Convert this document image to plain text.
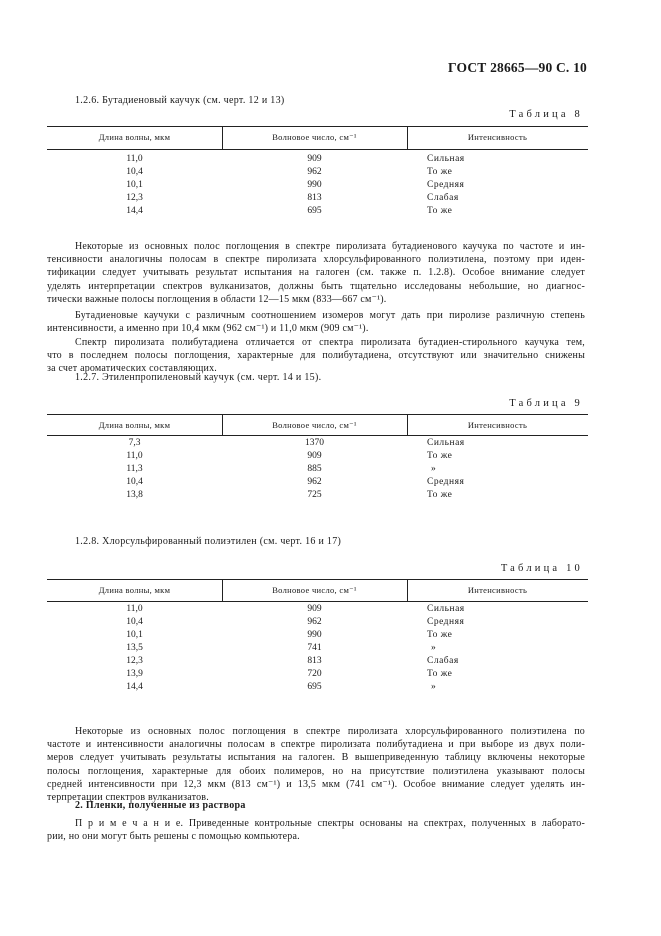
ГОСТ 28665—90 С. 10
1.2.6. Бутадиеновый каучук (см. черт. 12 и 13)
Таблица 8
Длина волны, мкм	Волновое число, см⁻¹	Интенсивность
11,0	909	Сильная
10,4	962	То же
10,1	990	Средняя
12,3	813	Слабая
14,4	695	То же
Некоторые из основных полос поглощения в спектре пиролизата бутадиенового каучука по частоте и ин-
тенсивности аналогичны полосам в спектре пиролизата хлорсульфированного полиэтилена, поэтому при иден-
тификации следует учитывать результат испытания на галоген (см. также п. 1.2.8). Особое внимание следует
уделять интерпретации спектров вулканизатов, должны быть тщательно исследованы небольшие, но диагнос-
тически важные полосы поглощения в области 12—15 мкм (833—667 см⁻¹).
Бутадиеновые каучуки с различным соотношением изомеров могут дать при пиролизе различную степень
интенсивности, а именно при 10,4 мкм (962 см⁻¹) и 11,0 мкм (909 см⁻¹).
Спектр пиролизата полибутадиена отличается от спектра пиролизата бутадиен-стирольного каучука тем,
что в последнем полосы поглощения, характерные для полибутадиена, отсутствуют или значительно снижены
за счет ароматических составляющих.
1.2.7. Этиленпропиленовый каучук (см. черт. 14 и 15).
Таблица 9
Длина волны, мкм	Волновое число, см⁻¹	Интенсивность
7,3	1370	Сильная
11,0	909	То же
11,3	885	»
10,4	962	Средняя
13,8	725	То же
1.2.8. Хлорсульфированный полиэтилен (см. черт. 16 и 17)
Таблица 10
Длина волны, мкм	Волновое число, см⁻¹	Интенсивность
11,0	909	Сильная
10,4	962	Средняя
10,1	990	То же
13,5	741	»
12,3	813	Слабая
13,9	720	То же
14,4	695	»
Некоторые из основных полос поглощения в спектре пиролизата хлорсульфированного полиэтилена по
частоте и интенсивности аналогичны полосам в спектре пиролизата полибутадиена и при выборе из двух поли-
меров следует учитывать результаты испытания на галоген. В вышеприведенную таблицу включены некоторые
полосы поглощения, характерные для обоих полимеров, но на присутствие полиэтилена указывают полосы
средней интенсивности при 12,3 мкм (813 см⁻¹) и 13,5 мкм (741 см⁻¹). Особое внимание следует уделять ин-
терпретации спектров вулканизатов.
2. Пленки, полученные из раствора
П р и м е ч а н и е. Приведенные контрольные спектры основаны на спектрах, полученных в лаборато-
рии, но они могут быть решены с помощью компьютера.
